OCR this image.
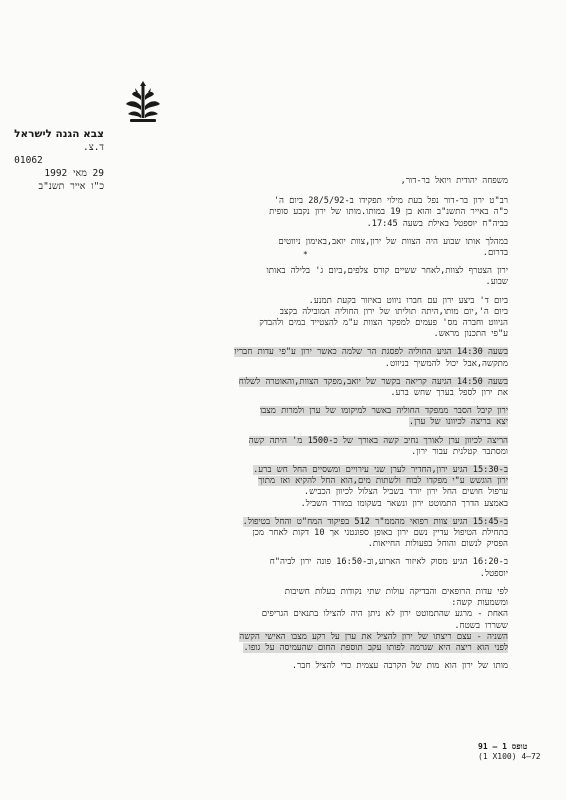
צבא הגנה לישראל
ד.צ.
01062
29 מאי 1992
כ"ו אייר תשנ"ב	משפחה יהודית ויואל בר-דור,

רב"ט ירון בר-דור נפל בעת מילוי תפקידו ב-28/5/92 ביום ה'
כ"ה באייר התשנ"ב והוא בן 19 במותו.מותו של ירון נקבע סופית
בביה"ח יוספטל באילת בשעה 17:45.

במהלך אותו שבוע היה הצוות של ירון,צוות יואב,באימון ניווטים
בדרום.

ירון הצטרף לצוות,לאחר ששיים קורס צלפים,ביום ג' בלילה באותו
שבוע.

ביום ד' ביצע ירון עם חברו ניווט באיזור בקעת תמנע.
ביום ה',יום מותו,היתה תוליתו של ירון החוליה המובילה בקצב
הניווט וחברה מס' פעמים למפקד הצוות ע"מ להצטייד במים ולהבדק
ע"פי התכנון מראש.

בשעה 14:30 הגיע החוליה לפסגת הר שלמה כאשר ירון ע"פי עדות חבריו
מתקשה,אבל יכול להמשיך בניווט.

בשעה 14:50 הגיעה קריאה בקשר של יואב,מפקד הצוות,והאוטרה לשלוח
את ירון לספל בערך שחש ברע.

ירון קיבל הסבר ממפקד החוליה באשר למיקומו של ערן ולמרות מצבו
יצא בריצה לכיוונו של ערן.

הריצה לכיוון ערן לאורך נחיב קשה באורך של כ-1500 מ' היתה קשה
ומסתבר קטלנית עבור ירון.

ב-15:30 הגיע ירון,החדיר לערן שני עירויים ומשסיים החל חש ברע.
ירון הוגשש ע"י מפקדו לבוח ולשתות מים,הוא החל להקיא ואז מתוך
ערפול חושים החל ירון יורד בשביל הצלול לכיוון הכביש.
באמצע הדרך התמוטט ירון ונשאר בשקומו במורד השביל.

ב-15:45 הגיע צוות רפואי מהממ"ר 512 בפיקוד המח"ט והחל בטיפול.
בתחילת הטיפול עדיין נשם ירון באופן ספונטני אך 10 דקות לאחר מכן
הפסיק לנשום והוחל בפעולות החייאות.

ב-16:20 הגיע מסוק לאיזור הארוע,וב-16:50 פונה ירון לביה"ח
יוספטל.

לפי עדות הרופאים והבדיקה עולות שתי נקודות בעלות חשיבות
ומשמעות קשה:
האחת - מרגע שהתמוטט ירון לא ניתן היה להצילו בתנאים הגריפים
ששררו בשטח.
השניה - עצם ריצתו של ירון להציל את ערן על רקע מצבו האישי הקשה
לפני הוא ריצה היא שגרמה לפותו עקב תוספת החום שהעמיסה על גופו.

מותו של ירון הוא מות של הקרבה עצמית כדי להציל חבר.

*
91 — 1 טופס
(1 X100) 4—72
